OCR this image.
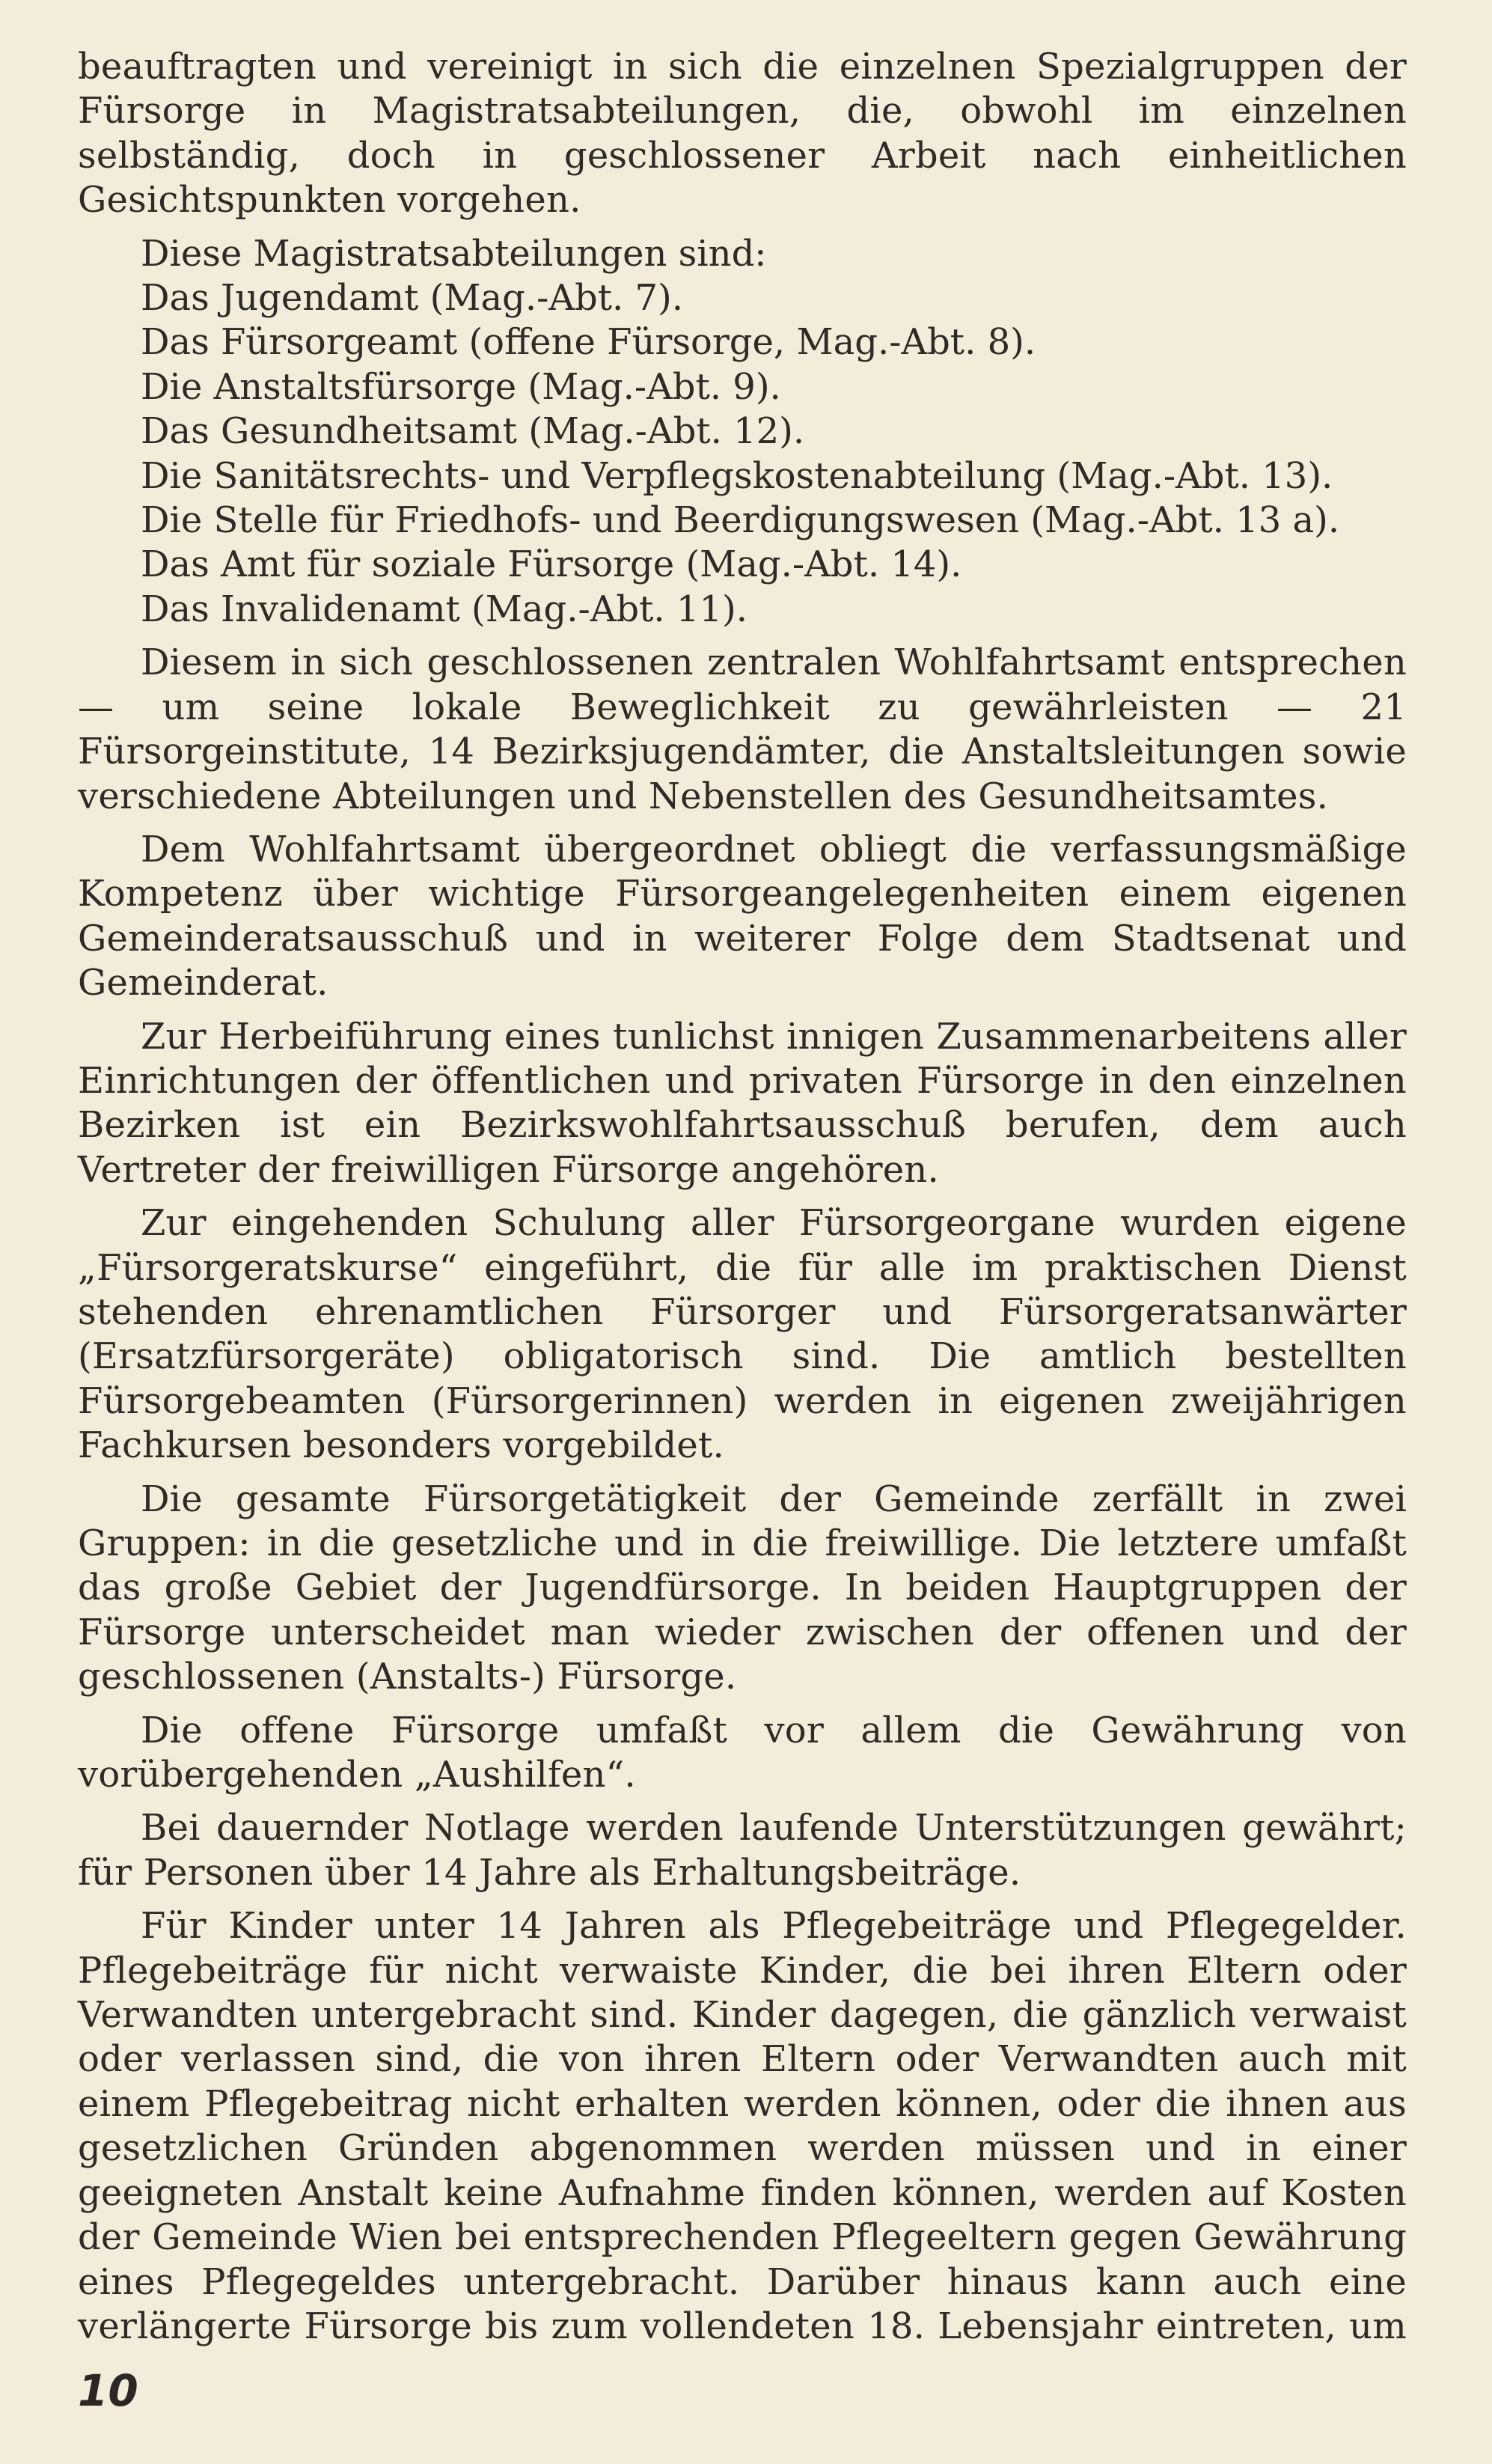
beauftragten und vereinigt in sich die einzelnen Spezialgruppen der Fürsorge in Magistratsabteilungen, die, obwohl im einzelnen selbständig, doch in geschlossener Arbeit nach einheitlichen Gesichtspunkten vorgehen.

Diese Magistratsabteilungen sind:
Das Jugendamt (Mag.-Abt. 7).
Das Fürsorgeamt (offene Fürsorge, Mag.-Abt. 8).
Die Anstaltsfürsorge (Mag.-Abt. 9).
Das Gesundheitsamt (Mag.-Abt. 12).
Die Sanitätsrechts- und Verpflegskostenabteilung (Mag.-Abt. 13).
Die Stelle für Friedhofs- und Beerdigungswesen (Mag.-Abt. 13 a).
Das Amt für soziale Fürsorge (Mag.-Abt. 14).
Das Invalidenamt (Mag.-Abt. 11).

Diesem in sich geschlossenen zentralen Wohlfahrtsamt entsprechen — um seine lokale Beweglichkeit zu gewährleisten — 21 Fürsorgeinstitute, 14 Bezirksjugendämter, die Anstaltsleitungen sowie verschiedene Abteilungen und Nebenstellen des Gesundheitsamtes.

Dem Wohlfahrtsamt übergeordnet obliegt die verfassungsmäßige Kompetenz über wichtige Fürsorgeangelegenheiten einem eigenen Gemeinderatsausschuß und in weiterer Folge dem Stadtsenat und Gemeinderat.

Zur Herbeiführung eines tunlichst innigen Zusammenarbeitens aller Einrichtungen der öffentlichen und privaten Fürsorge in den einzelnen Bezirken ist ein Bezirkswohlfahrtsausschuß berufen, dem auch Vertreter der freiwilligen Fürsorge angehören.

Zur eingehenden Schulung aller Fürsorgeorgane wurden eigene „Fürsorgeratskurse“ eingeführt, die für alle im praktischen Dienst stehenden ehrenamtlichen Fürsorger und Fürsorgeratsanwärter (Ersatzfürsorgeräte) obligatorisch sind. Die amtlich bestellten Fürsorgebeamten (Fürsorgerinnen) werden in eigenen zweijährigen Fachkursen besonders vorgebildet.

Die gesamte Fürsorgetätigkeit der Gemeinde zerfällt in zwei Gruppen: in die gesetzliche und in die freiwillige. Die letztere umfaßt das große Gebiet der Jugendfürsorge. In beiden Hauptgruppen der Fürsorge unterscheidet man wieder zwischen der offenen und der geschlossenen (Anstalts-) Fürsorge.

Die offene Fürsorge umfaßt vor allem die Gewährung von vorübergehenden „Aushilfen“.

Bei dauernder Notlage werden laufende Unterstützungen gewährt; für Personen über 14 Jahre als Erhaltungsbeiträge.

Für Kinder unter 14 Jahren als Pflegebeiträge und Pflegegelder. Pflegebeiträge für nicht verwaiste Kinder, die bei ihren Eltern oder Verwandten untergebracht sind. Kinder dagegen, die gänzlich verwaist oder verlassen sind, die von ihren Eltern oder Verwandten auch mit einem Pflegebeitrag nicht erhalten werden können, oder die ihnen aus gesetzlichen Gründen abgenommen werden müssen und in einer geeigneten Anstalt keine Aufnahme finden können, werden auf Kosten der Gemeinde Wien bei entsprechenden Pflegeeltern gegen Gewährung eines Pflegegeldes untergebracht. Darüber hinaus kann auch eine verlängerte Fürsorge bis zum vollendeten 18. Lebensjahr eintreten, um

10
